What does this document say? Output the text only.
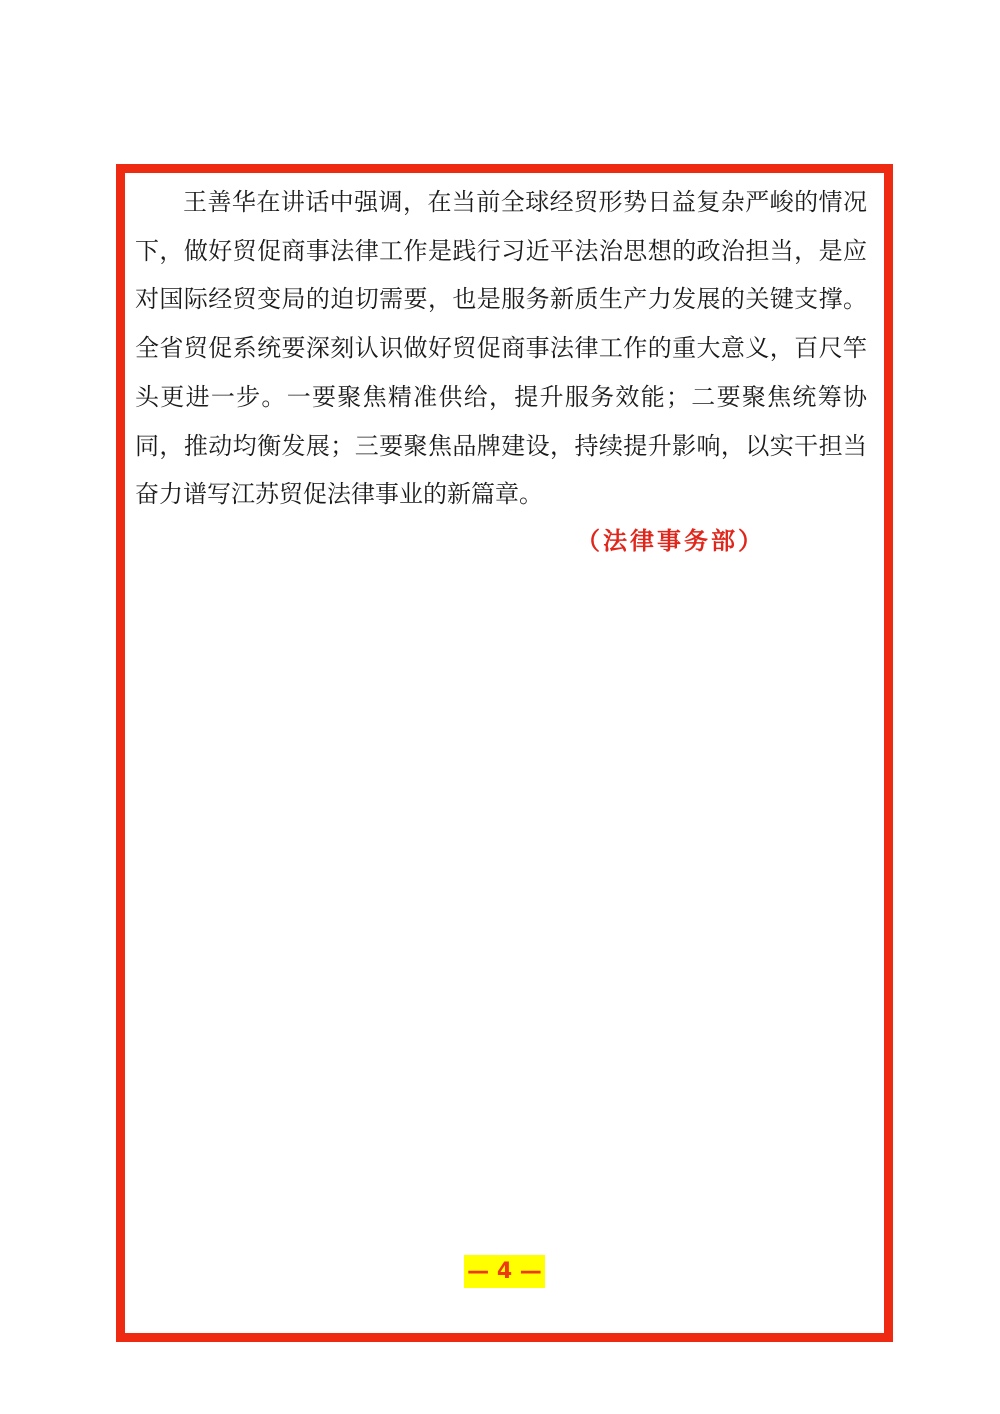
王善华在讲话中强调，在当前全球经贸形势日益复杂严峻的情况下，做好贸促商事法律工作是践行习近平法治思想的政治担当，是应对国际经贸变局的迫切需要，也是服务新质生产力发展的关键支撑。全省贸促系统要深刻认识做好贸促商事法律工作的重大意义，百尺竿头更进一步。一要聚焦精准供给，提升服务效能；二要聚焦统筹协同，推动均衡发展；三要聚焦品牌建设，持续提升影响，以实干担当奋力谱写江苏贸促法律事业的新篇章。

（法律事务部）
— 4 —
